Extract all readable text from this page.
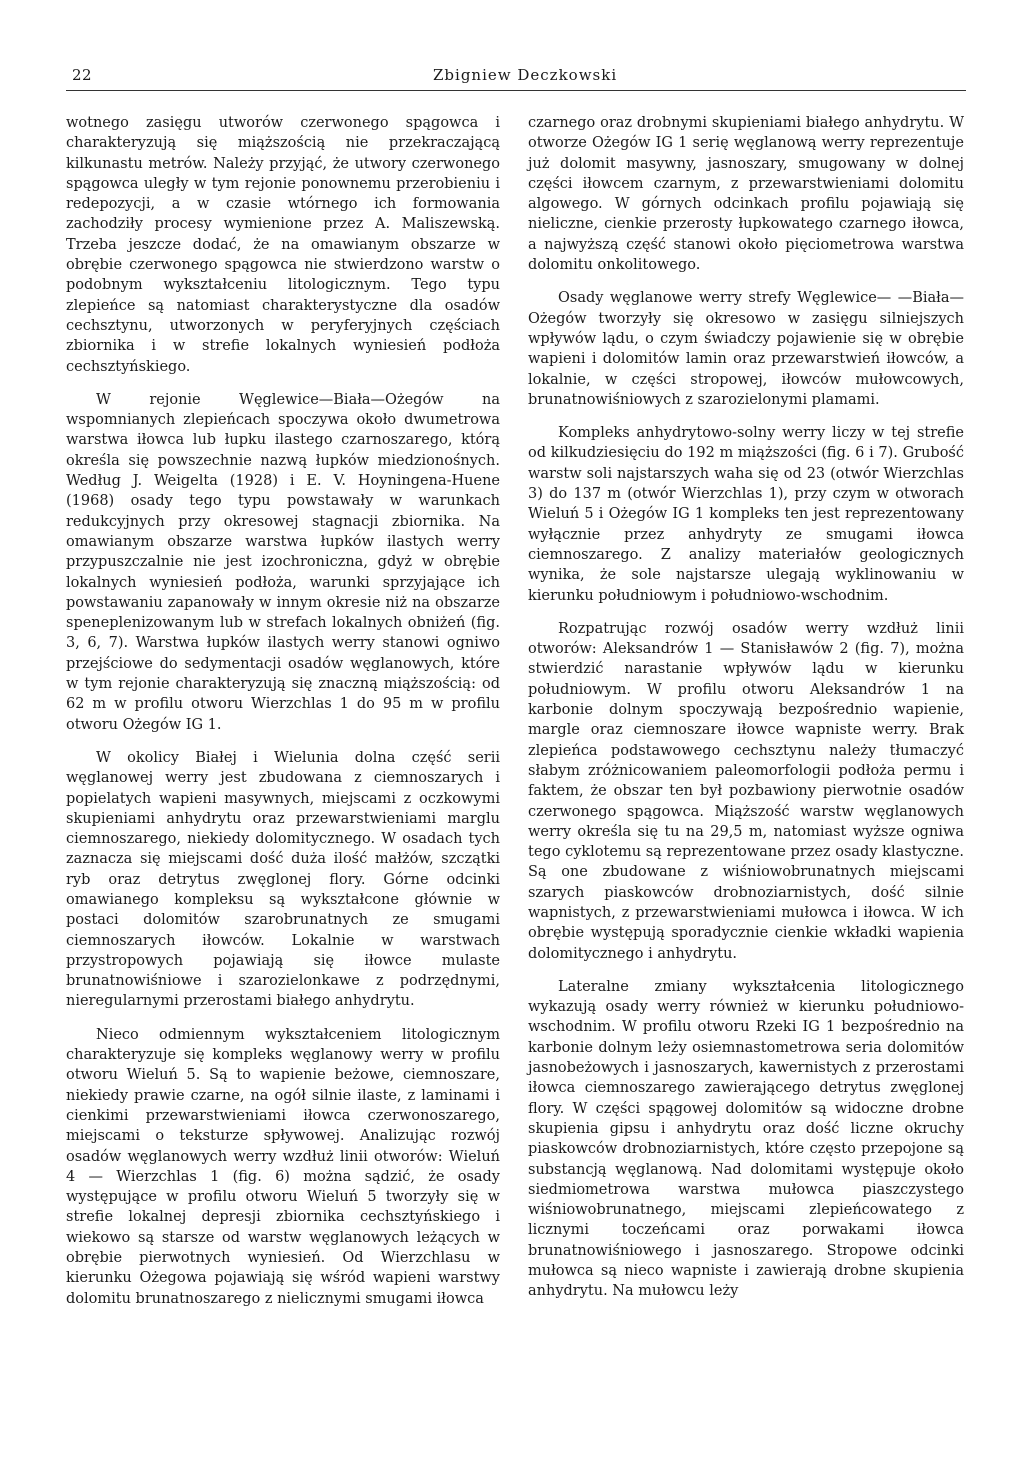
22	Zbigniew Deczkowski

wotnego zasięgu utworów czerwonego spągowca i charakteryzują się miąższością nie przekraczającą kilkunastu metrów. Należy przyjąć, że utwory czerwonego spągowca uległy w tym rejonie ponownemu przerobieniu i redepozycji, a w czasie wtórnego ich formowania zachodziły procesy wymienione przez A. Maliszewską. Trzeba jeszcze dodać, że na omawianym obszarze w obrębie czerwonego spągowca nie stwierdzono warstw o podobnym wykształceniu litologicznym. Tego typu zlepieńce są natomiast charakterystyczne dla osadów cechsztynu, utworzonych w peryferyjnych częściach zbiornika i w strefie lokalnych wyniesień podłoża cechsztyńskiego.

W rejonie Węglewice—Biała—Ożegów na wspomnianych zlepieńcach spoczywa około dwumetrowa warstwa iłowca lub łupku ilastego czarnoszarego, którą określa się powszechnie nazwą łupków miedzionośnych. Według J. Weigelta (1928) i E. V. Hoyningena-Huene (1968) osady tego typu powstawały w warunkach redukcyjnych przy okresowej stagnacji zbiornika. Na omawianym obszarze warstwa łupków ilastych werry przypuszczalnie nie jest izochroniczna, gdyż w obrębie lokalnych wyniesień podłoża, warunki sprzyjające ich powstawaniu zapanowały w innym okresie niż na obszarze speneplenizowanym lub w strefach lokalnych obniżeń (fig. 3, 6, 7). Warstwa łupków ilastych werry stanowi ogniwo przejściowe do sedymentacji osadów węglanowych, które w tym rejonie charakteryzują się znaczną miąższością: od 62 m w profilu otworu Wierzchlas 1 do 95 m w profilu otworu Ożegów IG 1.

W okolicy Białej i Wielunia dolna część serii węglanowej werry jest zbudowana z ciemnoszarych i popielatych wapieni masywnych, miejscami z oczkowymi skupieniami anhydrytu oraz przewarstwieniami marglu ciemnoszarego, niekiedy dolomitycznego. W osadach tych zaznacza się miejscami dość duża ilość małżów, szczątki ryb oraz detrytus zwęglonej flory. Górne odcinki omawianego kompleksu są wykształcone głównie w postaci dolomitów szarobrunatnych ze smugami ciemnoszarych iłowców. Lokalnie w warstwach przystropowych pojawiają się iłowce mulaste brunatnowiśniowe i szarozielonkawe z podrzędnymi, nieregularnymi przerostami białego anhydrytu.

Nieco odmiennym wykształceniem litologicznym charakteryzuje się kompleks węglanowy werry w profilu otworu Wieluń 5. Są to wapienie beżowe, ciemnoszare, niekiedy prawie czarne, na ogół silnie ilaste, z laminami i cienkimi przewarstwieniami iłowca czerwonoszarego, miejscami o teksturze spływowej. Analizując rozwój osadów węglanowych werry wzdłuż linii otworów: Wieluń 4 — Wierzchlas 1 (fig. 6) można sądzić, że osady występujące w profilu otworu Wieluń 5 tworzyły się w strefie lokalnej depresji zbiornika cechsztyńskiego i wiekowo są starsze od warstw węglanowych leżących w obrębie pierwotnych wyniesień. Od Wierzchlasu w kierunku Ożegowa pojawiają się wśród wapieni warstwy dolomitu brunatnoszarego z nielicznymi smugami iłowca

czarnego oraz drobnymi skupieniami białego anhydrytu. W otworze Ożegów IG 1 serię węglanową werry reprezentuje już dolomit masywny, jasnoszary, smugowany w dolnej części iłowcem czarnym, z przewarstwieniami dolomitu algowego. W górnych odcinkach profilu pojawiają się nieliczne, cienkie przerosty łupkowatego czarnego iłowca, a najwyższą część stanowi około pięciometrowa warstwa dolomitu onkolitowego.

Osady węglanowe werry strefy Węglewice— —Biała—Ożegów tworzyły się okresowo w zasięgu silniejszych wpływów lądu, o czym świadczy pojawienie się w obrębie wapieni i dolomitów lamin oraz przewarstwień iłowców, a lokalnie, w części stropowej, iłowców mułowcowych, brunatnowiśniowych z szarozielonymi plamami.

Kompleks anhydrytowo-solny werry liczy w tej strefie od kilkudziesięciu do 192 m miąższości (fig. 6 i 7). Grubość warstw soli najstarszych waha się od 23 (otwór Wierzchlas 3) do 137 m (otwór Wierzchlas 1), przy czym w otworach Wieluń 5 i Ożegów IG 1 kompleks ten jest reprezentowany wyłącznie przez anhydryty ze smugami iłowca ciemnoszarego. Z analizy materiałów geologicznych wynika, że sole najstarsze ulegają wyklinowaniu w kierunku południowym i południowo-wschodnim.

Rozpatrując rozwój osadów werry wzdłuż linii otworów: Aleksandrów 1 — Stanisławów 2 (fig. 7), można stwierdzić narastanie wpływów lądu w kierunku południowym. W profilu otworu Aleksandrów 1 na karbonie dolnym spoczywają bezpośrednio wapienie, margle oraz ciemnoszare iłowce wapniste werry. Brak zlepieńca podstawowego cechsztynu należy tłumaczyć słabym zróżnicowaniem paleomorfologii podłoża permu i faktem, że obszar ten był pozbawiony pierwotnie osadów czerwonego spągowca. Miąższość warstw węglanowych werry określa się tu na 29,5 m, natomiast wyższe ogniwa tego cyklotemu są reprezentowane przez osady klastyczne. Są one zbudowane z wiśniowobrunatnych miejscami szarych piaskowców drobnoziarnistych, dość silnie wapnistych, z przewarstwieniami mułowca i iłowca. W ich obrębie występują sporadycznie cienkie wkładki wapienia dolomitycznego i anhydrytu.

Lateralne zmiany wykształcenia litologicznego wykazują osady werry również w kierunku południowo-wschodnim. W profilu otworu Rzeki IG 1 bezpośrednio na karbonie dolnym leży osiemnastometrowa seria dolomitów jasnobeżowych i jasnoszarych, kawernistych z przerostami iłowca ciemnoszarego zawierającego detrytus zwęglonej flory. W części spągowej dolomitów są widoczne drobne skupienia gipsu i anhydrytu oraz dość liczne okruchy piaskowców drobnoziarnistych, które często przepojone są substancją węglanową. Nad dolomitami występuje około siedmiometrowa warstwa mułowca piaszczystego wiśniowobrunatnego, miejscami zlepieńcowatego z licznymi toczeńcami oraz porwakami iłowca brunatnowiśniowego i jasnoszarego. Stropowe odcinki mułowca są nieco wapniste i zawierają drobne skupienia anhydrytu. Na mułowcu leży
